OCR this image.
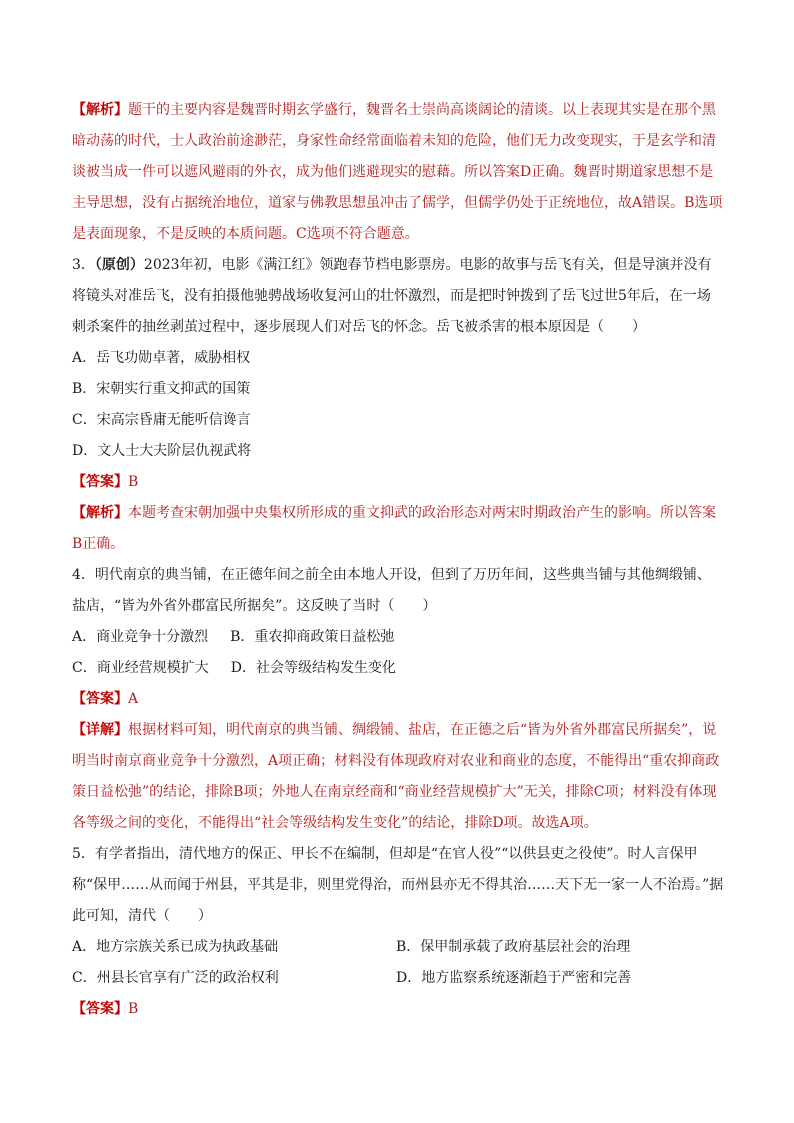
【解析】题干的主要内容是魏晋时期玄学盛行，魏晋名士崇尚高谈阔论的清谈。以上表现其实是在那个黑暗动荡的时代，士人政治前途渺茫，身家性命经常面临着未知的危险，他们无力改变现实，于是玄学和清谈被当成一件可以遮风避雨的外衣，成为他们逃避现实的慰藉。所以答案D正确。魏晋时期道家思想不是主导思想，没有占据统治地位，道家与佛教思想虽冲击了儒学，但儒学仍处于正统地位，故A错误。B选项是表面现象，不是反映的本质问题。C选项不符合题意。

3．（原创）2023年初，电影《满江红》领跑春节档电影票房。电影的故事与岳飞有关，但是导演并没有将镜头对准岳飞，没有拍摄他驰骋战场收复河山的壮怀激烈，而是把时钟拨到了岳飞过世5年后，在一场刺杀案件的抽丝剥茧过程中，逐步展现人们对岳飞的怀念。岳飞被杀害的根本原因是（　　）

A．岳飞功勋卓著，威胁相权

B．宋朝实行重文抑武的国策

C．宋高宗昏庸无能听信谗言

D．文人士大夫阶层仇视武将

【答案】B

【解析】本题考查宋朝加强中央集权所形成的重文抑武的政治形态对两宋时期政治产生的影响。所以答案B正确。

4．明代南京的典当铺，在正德年间之前全由本地人开设，但到了万历年间，这些典当铺与其他绸缎铺、盐店，“皆为外省外郡富民所据矣”。这反映了当时（　　）

A．商业竞争十分激烈 B．重农抑商政策日益松弛

C．商业经营规模扩大 D．社会等级结构发生变化

【答案】A

【详解】根据材料可知，明代南京的典当铺、绸缎铺、盐店，在正德之后“皆为外省外郡富民所据矣”，说明当时南京商业竞争十分激烈，A项正确；材料没有体现政府对农业和商业的态度，不能得出“重农抑商政策日益松弛”的结论，排除B项；外地人在南京经商和“商业经营规模扩大”无关，排除C项；材料没有体现各等级之间的变化，不能得出“社会等级结构发生变化”的结论，排除D项。故选A项。

5．有学者指出，清代地方的保正、甲长不在编制，但却是“在官人役”“以供县吏之役使”。时人言保甲称“保甲……从而闻于州县，平其是非，则里党得治，而州县亦无不得其治……天下无一家一人不治焉。”据此可知，清代（　　）

A．地方宗族关系已成为执政基础	B．保甲制承载了政府基层社会的治理
C．州县长官享有广泛的政治权利	D．地方监察系统逐渐趋于严密和完善

【答案】B
